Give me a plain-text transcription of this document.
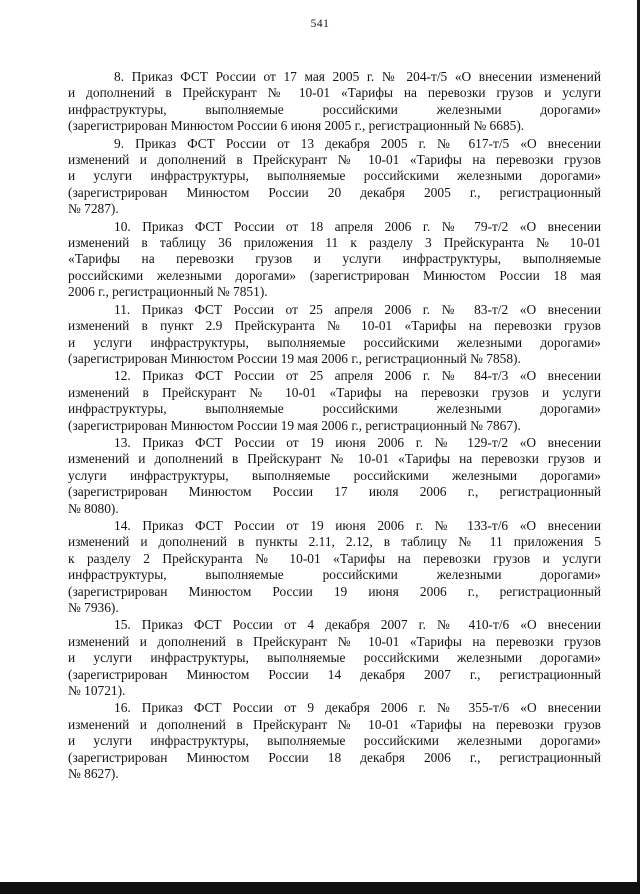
541

8. Приказ ФСТ России от 17 мая 2005 г. № 204-т/5 «О внесении изменений
и дополнений в Прейскурант № 10-01 «Тарифы на перевозки грузов и услуги
инфраструктуры, выполняемые российскими железными дорогами»
(зарегистрирован Минюстом России 6 июня 2005 г., регистрационный № 6685).

9. Приказ ФСТ России от 13 декабря 2005 г. № 617-т/5 «О внесении
изменений и дополнений в Прейскурант № 10-01 «Тарифы на перевозки грузов
и услуги инфраструктуры, выполняемые российскими железными дорогами»
(зарегистрирован Минюстом России 20 декабря 2005 г., регистрационный
№ 7287).

10. Приказ ФСТ России от 18 апреля 2006 г. № 79-т/2 «О внесении
изменений в таблицу 36 приложения 11 к разделу 3 Прейскуранта № 10-01
«Тарифы на перевозки грузов и услуги инфраструктуры, выполняемые
российскими железными дорогами» (зарегистрирован Минюстом России 18 мая
2006 г., регистрационный № 7851).

11. Приказ ФСТ России от 25 апреля 2006 г. № 83-т/2 «О внесении
изменений в пункт 2.9 Прейскуранта № 10-01 «Тарифы на перевозки грузов
и услуги инфраструктуры, выполняемые российскими железными дорогами»
(зарегистрирован Минюстом России 19 мая 2006 г., регистрационный № 7858).

12. Приказ ФСТ России от 25 апреля 2006 г. № 84-т/3 «О внесении
изменений в Прейскурант № 10-01 «Тарифы на перевозки грузов и услуги
инфраструктуры, выполняемые российскими железными дорогами»
(зарегистрирован Минюстом России 19 мая 2006 г., регистрационный № 7867).

13. Приказ ФСТ России от 19 июня 2006 г. № 129-т/2 «О внесении
изменений и дополнений в Прейскурант № 10-01 «Тарифы на перевозки грузов и
услуги инфраструктуры, выполняемые российскими железными дорогами»
(зарегистрирован Минюстом России 17 июля 2006 г., регистрационный
№ 8080).

14. Приказ ФСТ России от 19 июня 2006 г. № 133-т/6 «О внесении
изменений и дополнений в пункты 2.11, 2.12, в таблицу № 11 приложения 5
к разделу 2 Прейскуранта № 10-01 «Тарифы на перевозки грузов и услуги
инфраструктуры, выполняемые российскими железными дорогами»
(зарегистрирован Минюстом России 19 июня 2006 г., регистрационный
№ 7936).

15. Приказ ФСТ России от 4 декабря 2007 г. № 410-т/6 «О внесении
изменений и дополнений в Прейскурант № 10-01 «Тарифы на перевозки грузов
и услуги инфраструктуры, выполняемые российскими железными дорогами»
(зарегистрирован Минюстом России 14 декабря 2007 г., регистрационный
№ 10721).

16. Приказ ФСТ России от 9 декабря 2006 г. № 355-т/6 «О внесении
изменений и дополнений в Прейскурант № 10-01 «Тарифы на перевозки грузов
и услуги инфраструктуры, выполняемые российскими железными дорогами»
(зарегистрирован Минюстом России 18 декабря 2006 г., регистрационный
№ 8627).
